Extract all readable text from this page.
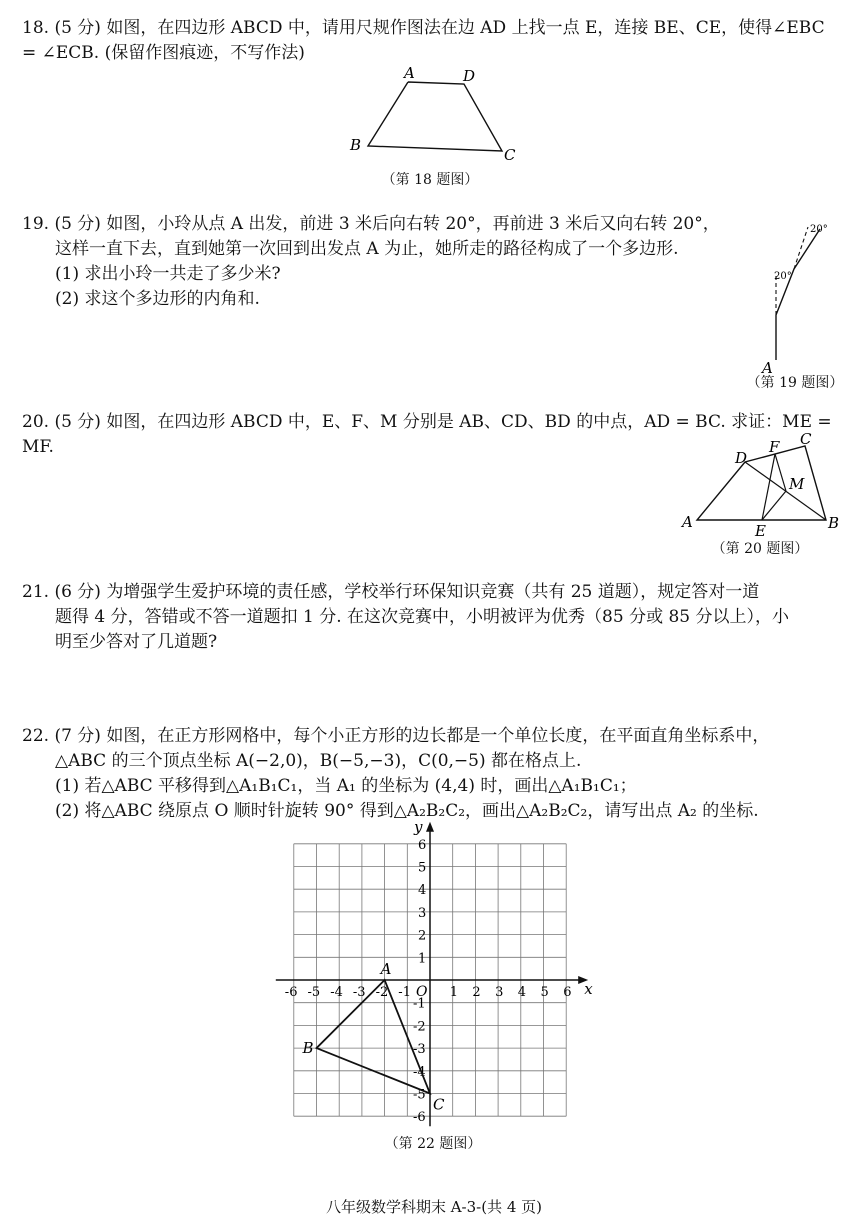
18. (5 分) 如图，在四边形 ABCD 中，请用尺规作图法在边 AD 上找一点 E，连接 BE、CE，使得∠EBC

= ∠ECB. (保留作图痕迹，不写作法)

A	D
B
C
（第 18 题图）

19. (5 分) 如图，小玲从点 A 出发，前进 3 米后向右转 20°，再前进 3 米后又向右转 20°，

这样一直下去，直到她第一次回到出发点 A 为止，她所走的路径构成了一个多边形.

(1) 求出小玲一共走了多少米?

(2) 求这个多边形的内角和.

20°
20°
A
（第 19 题图）

20. (5 分) 如图，在四边形 ABCD 中，E、F、M 分别是 AB、CD、BD 的中点，AD = BC. 求证：ME = MF.

A	B
C
D
E
F
M
（第 20 题图）

21. (6 分) 为增强学生爱护环境的责任感，学校举行环保知识竞赛（共有 25 道题），规定答对一道

题得 4 分，答错或不答一道题扣 1 分. 在这次竞赛中，小明被评为优秀（85 分或 85 分以上），小

明至少答对了几道题?

22. (7 分) 如图，在正方形网格中，每个小正方形的边长都是一个单位长度，在平面直角坐标系中，

△ABC 的三个顶点坐标 A(−2,0)，B(−5,−3)，C(0,−5) 都在格点上.

(1) 若△ABC 平移得到△A₁B₁C₁，当 A₁ 的坐标为 (4,4) 时，画出△A₁B₁C₁；

(2) 将△ABC 绕原点 O 顺时针旋转 90° 得到△A₂B₂C₂，画出△A₂B₂C₂，请写出点 A₂ 的坐标.

x
y
O
-6 -5 -4 -3 -2 -1	1 2 3 4 5 6
6
5
4
3
2
1
-1
-2
-3
-4
-5
-6
A
B
C
（第 22 题图）
八年级数学科期末 A-3-(共 4 页)
